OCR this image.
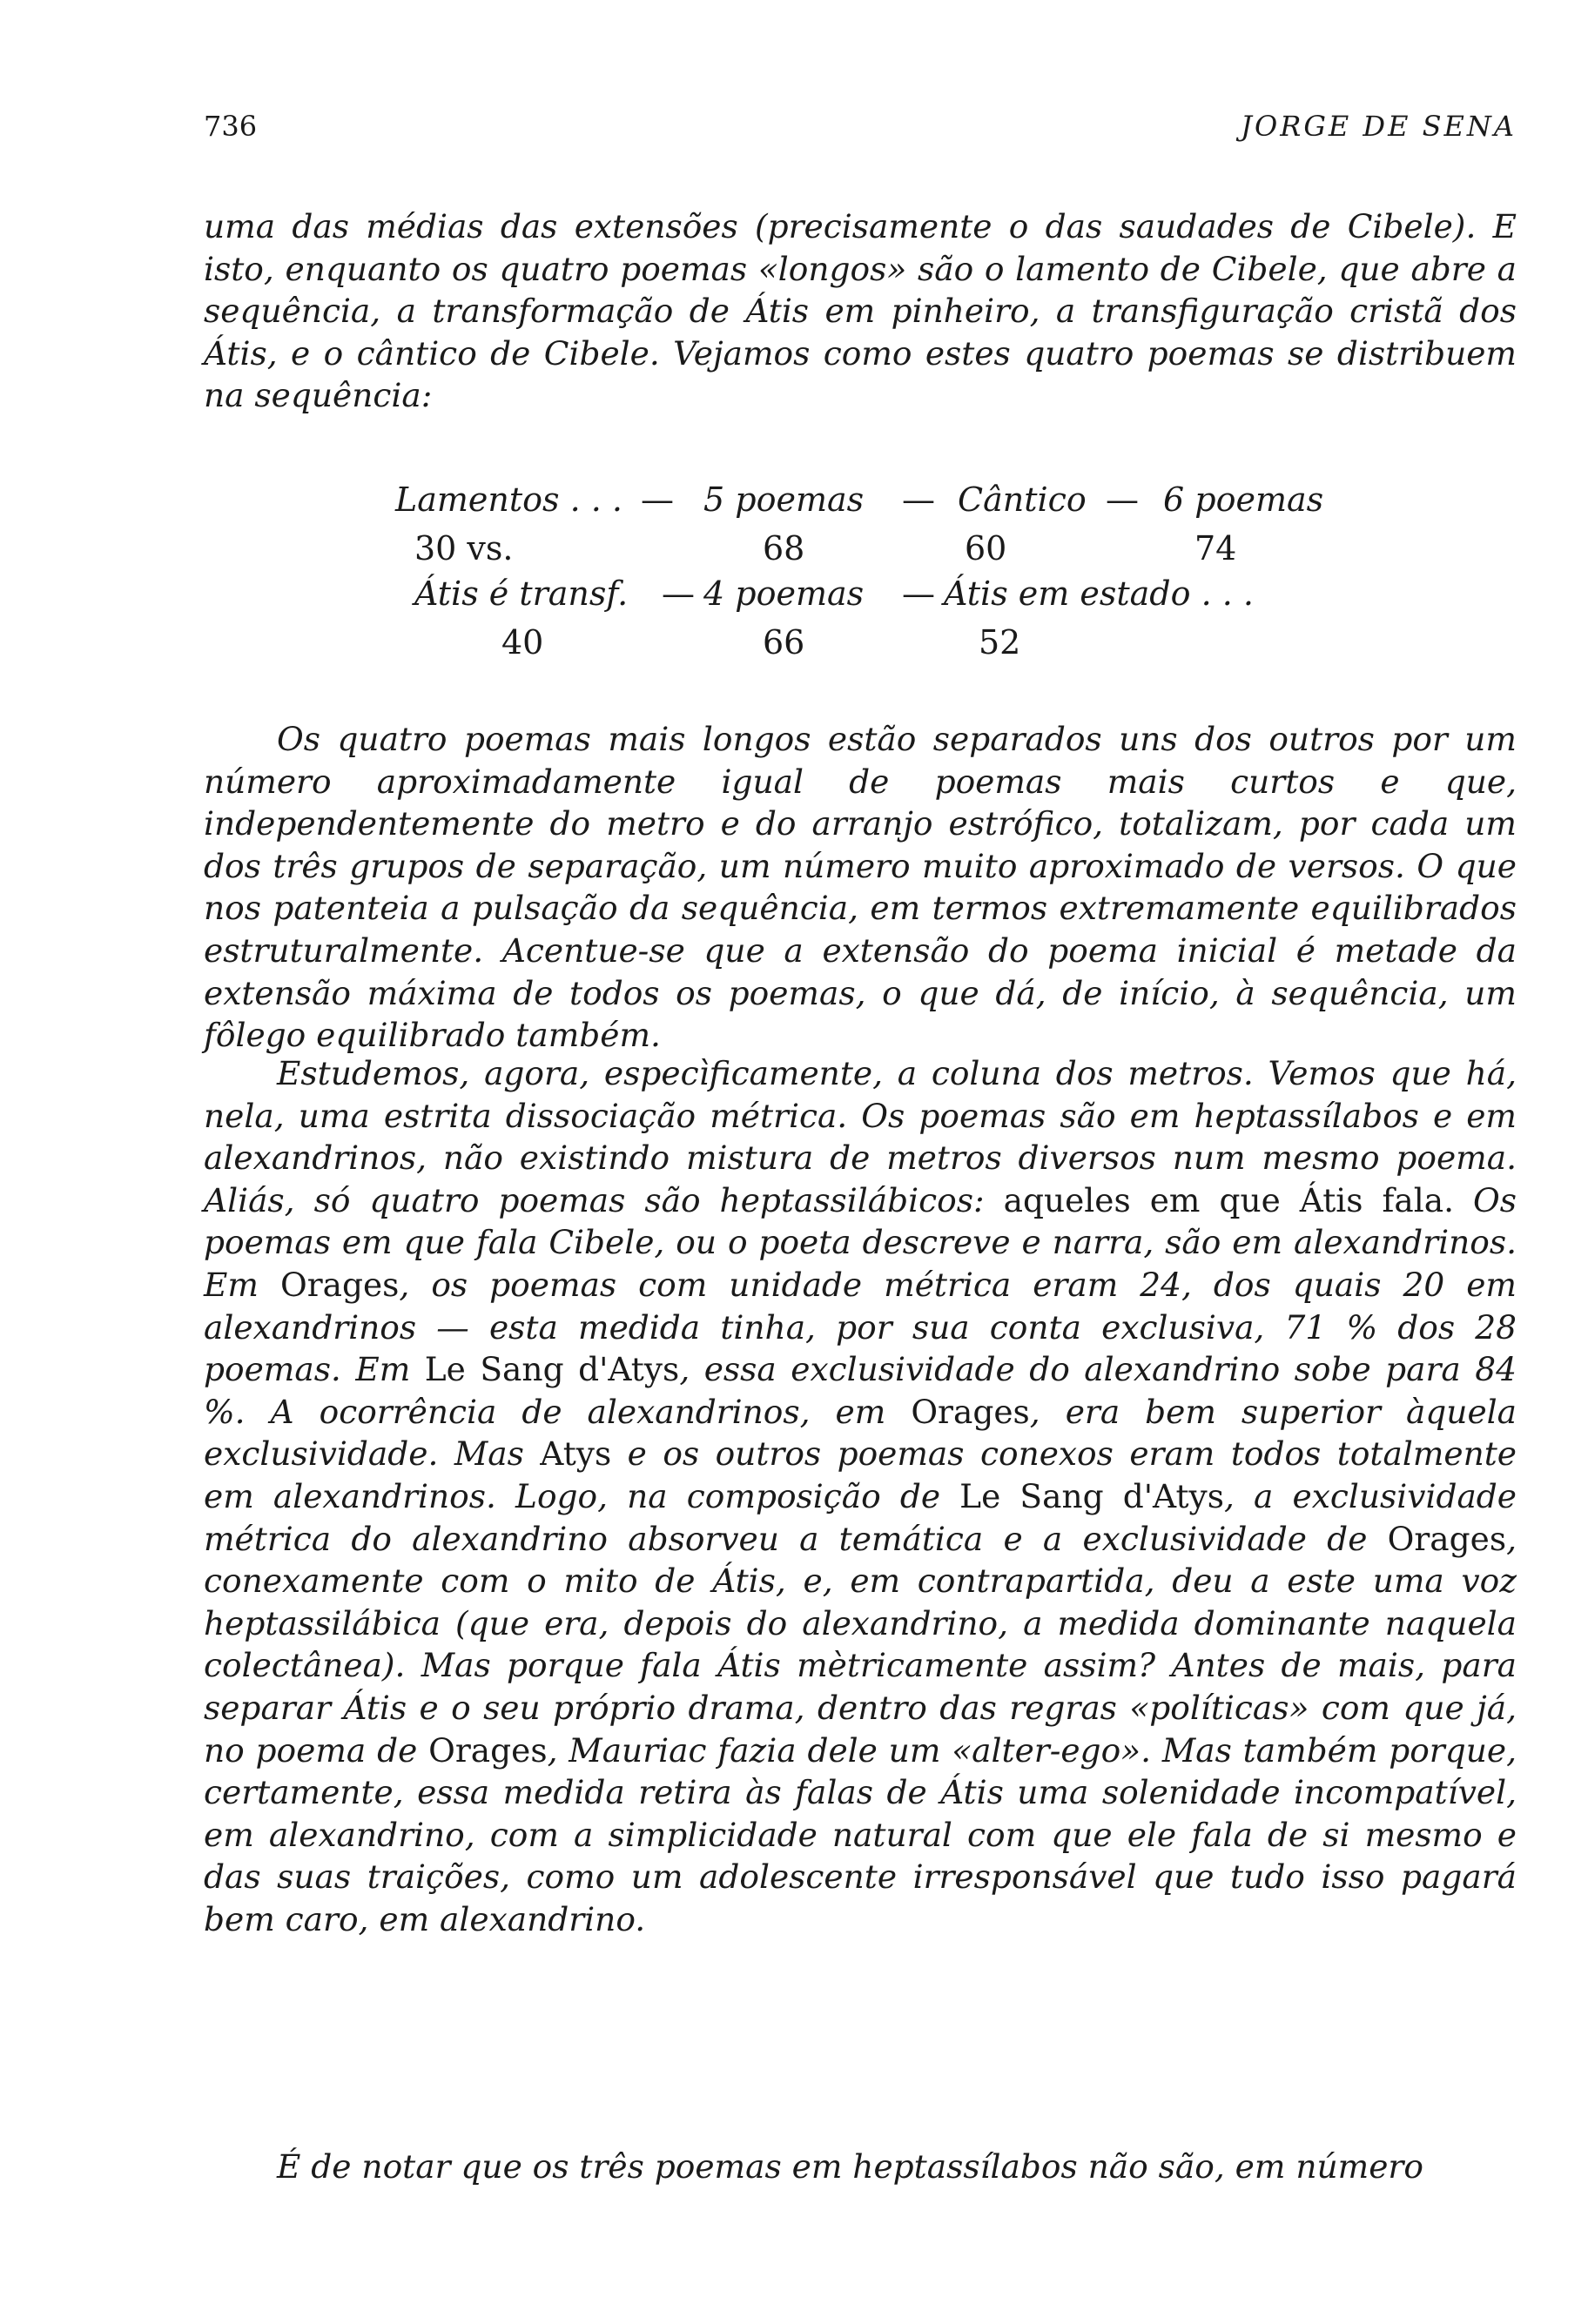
736	JORGE DE SENA

uma das médias das extensões (precisamente o das saudades de Cibele). E isto, enquanto os quatro poemas «longos» são o lamento de Cibele, que abre a sequência, a transformação de Átis em pinheiro, a transfiguração cristã dos Átis, e o cântico de Cibele. Vejamos como estes quatro poemas se distribuem na sequência:

Lamentos . . . — 5 poemas — Cântico — 6 poemas
30 vs.	68	60	74
Átis é transf. — 4 poemas — Átis em estado . . .
40	66	52

Os quatro poemas mais longos estão separados uns dos outros por um número aproximadamente igual de poemas mais curtos e que, independentemente do metro e do arranjo estrófico, totalizam, por cada um dos três grupos de separação, um número muito aproximado de versos. O que nos patenteia a pulsação da sequência, em termos extremamente equilibrados estruturalmente. Acentue-se que a extensão do poema inicial é metade da extensão máxima de todos os poemas, o que dá, de início, à sequência, um fôlego equilibrado também.

Estudemos, agora, especìficamente, a coluna dos metros. Vemos que há, nela, uma estrita dissociação métrica. Os poemas são em heptassílabos e em alexandrinos, não existindo mistura de metros diversos num mesmo poema. Aliás, só quatro poemas são heptassilábicos: aqueles em que Átis fala. Os poemas em que fala Cibele, ou o poeta descreve e narra, são em alexandrinos. Em Orages, os poemas com unidade métrica eram 24, dos quais 20 em alexandrinos — esta medida tinha, por sua conta exclusiva, 71 % dos 28 poemas. Em Le Sang d'Atys, essa exclusividade do alexandrino sobe para 84 %. A ocorrência de alexandrinos, em Orages, era bem superior àquela exclusividade. Mas Atys e os outros poemas conexos eram todos totalmente em alexandrinos. Logo, na composição de Le Sang d'Atys, a exclusividade métrica do alexandrino absorveu a temática e a exclusividade de Orages, conexamente com o mito de Átis, e, em contrapartida, deu a este uma voz heptassilábica (que era, depois do alexandrino, a medida dominante naquela colectânea). Mas porque fala Átis mètricamente assim? Antes de mais, para separar Átis e o seu próprio drama, dentro das regras «políticas» com que já, no poema de Orages, Mauriac fazia dele um «alter-ego». Mas também porque, certamente, essa medida retira às falas de Átis uma solenidade incompatível, em alexandrino, com a simplicidade natural com que ele fala de si mesmo e das suas traições, como um adolescente irresponsável que tudo isso pagará bem caro, em alexandrino.

É de notar que os três poemas em heptassílabos não são, em número
